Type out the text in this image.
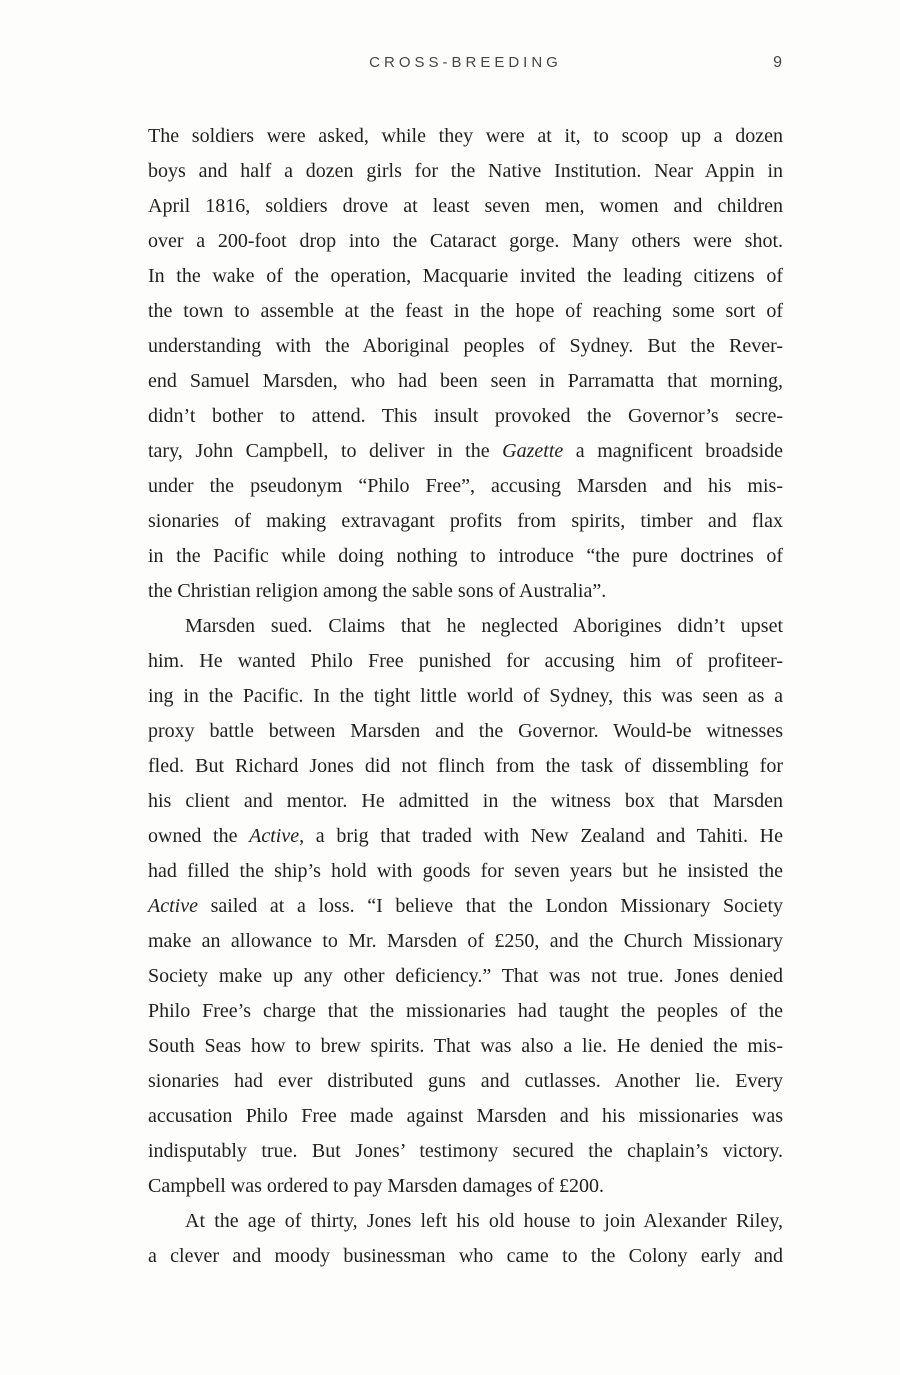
CROSS-BREEDING	9
The soldiers were asked, while they were at it, to scoop up a dozen
boys and half a dozen girls for the Native Institution. Near Appin in
April 1816, soldiers drove at least seven men, women and children
over a 200-foot drop into the Cataract gorge. Many others were shot.
In the wake of the operation, Macquarie invited the leading citizens of
the town to assemble at the feast in the hope of reaching some sort of
understanding with the Aboriginal peoples of Sydney. But the Rever-
end Samuel Marsden, who had been seen in Parramatta that morning,
didn’t bother to attend. This insult provoked the Governor’s secre-
tary, John Campbell, to deliver in the Gazette a magnificent broadside
under the pseudonym “Philo Free”, accusing Marsden and his mis-
sionaries of making extravagant profits from spirits, timber and flax
in the Pacific while doing nothing to introduce “the pure doctrines of
the Christian religion among the sable sons of Australia”.
Marsden sued. Claims that he neglected Aborigines didn’t upset
him. He wanted Philo Free punished for accusing him of profiteer-
ing in the Pacific. In the tight little world of Sydney, this was seen as a
proxy battle between Marsden and the Governor. Would-be witnesses
fled. But Richard Jones did not flinch from the task of dissembling for
his client and mentor. He admitted in the witness box that Marsden
owned the Active, a brig that traded with New Zealand and Tahiti. He
had filled the ship’s hold with goods for seven years but he insisted the
Active sailed at a loss. “I believe that the London Missionary Society
make an allowance to Mr. Marsden of £250, and the Church Missionary
Society make up any other deficiency.” That was not true. Jones denied
Philo Free’s charge that the missionaries had taught the peoples of the
South Seas how to brew spirits. That was also a lie. He denied the mis-
sionaries had ever distributed guns and cutlasses. Another lie. Every
accusation Philo Free made against Marsden and his missionaries was
indisputably true. But Jones’ testimony secured the chaplain’s victory.
Campbell was ordered to pay Marsden damages of £200.
At the age of thirty, Jones left his old house to join Alexander Riley,
a clever and moody businessman who came to the Colony early and
